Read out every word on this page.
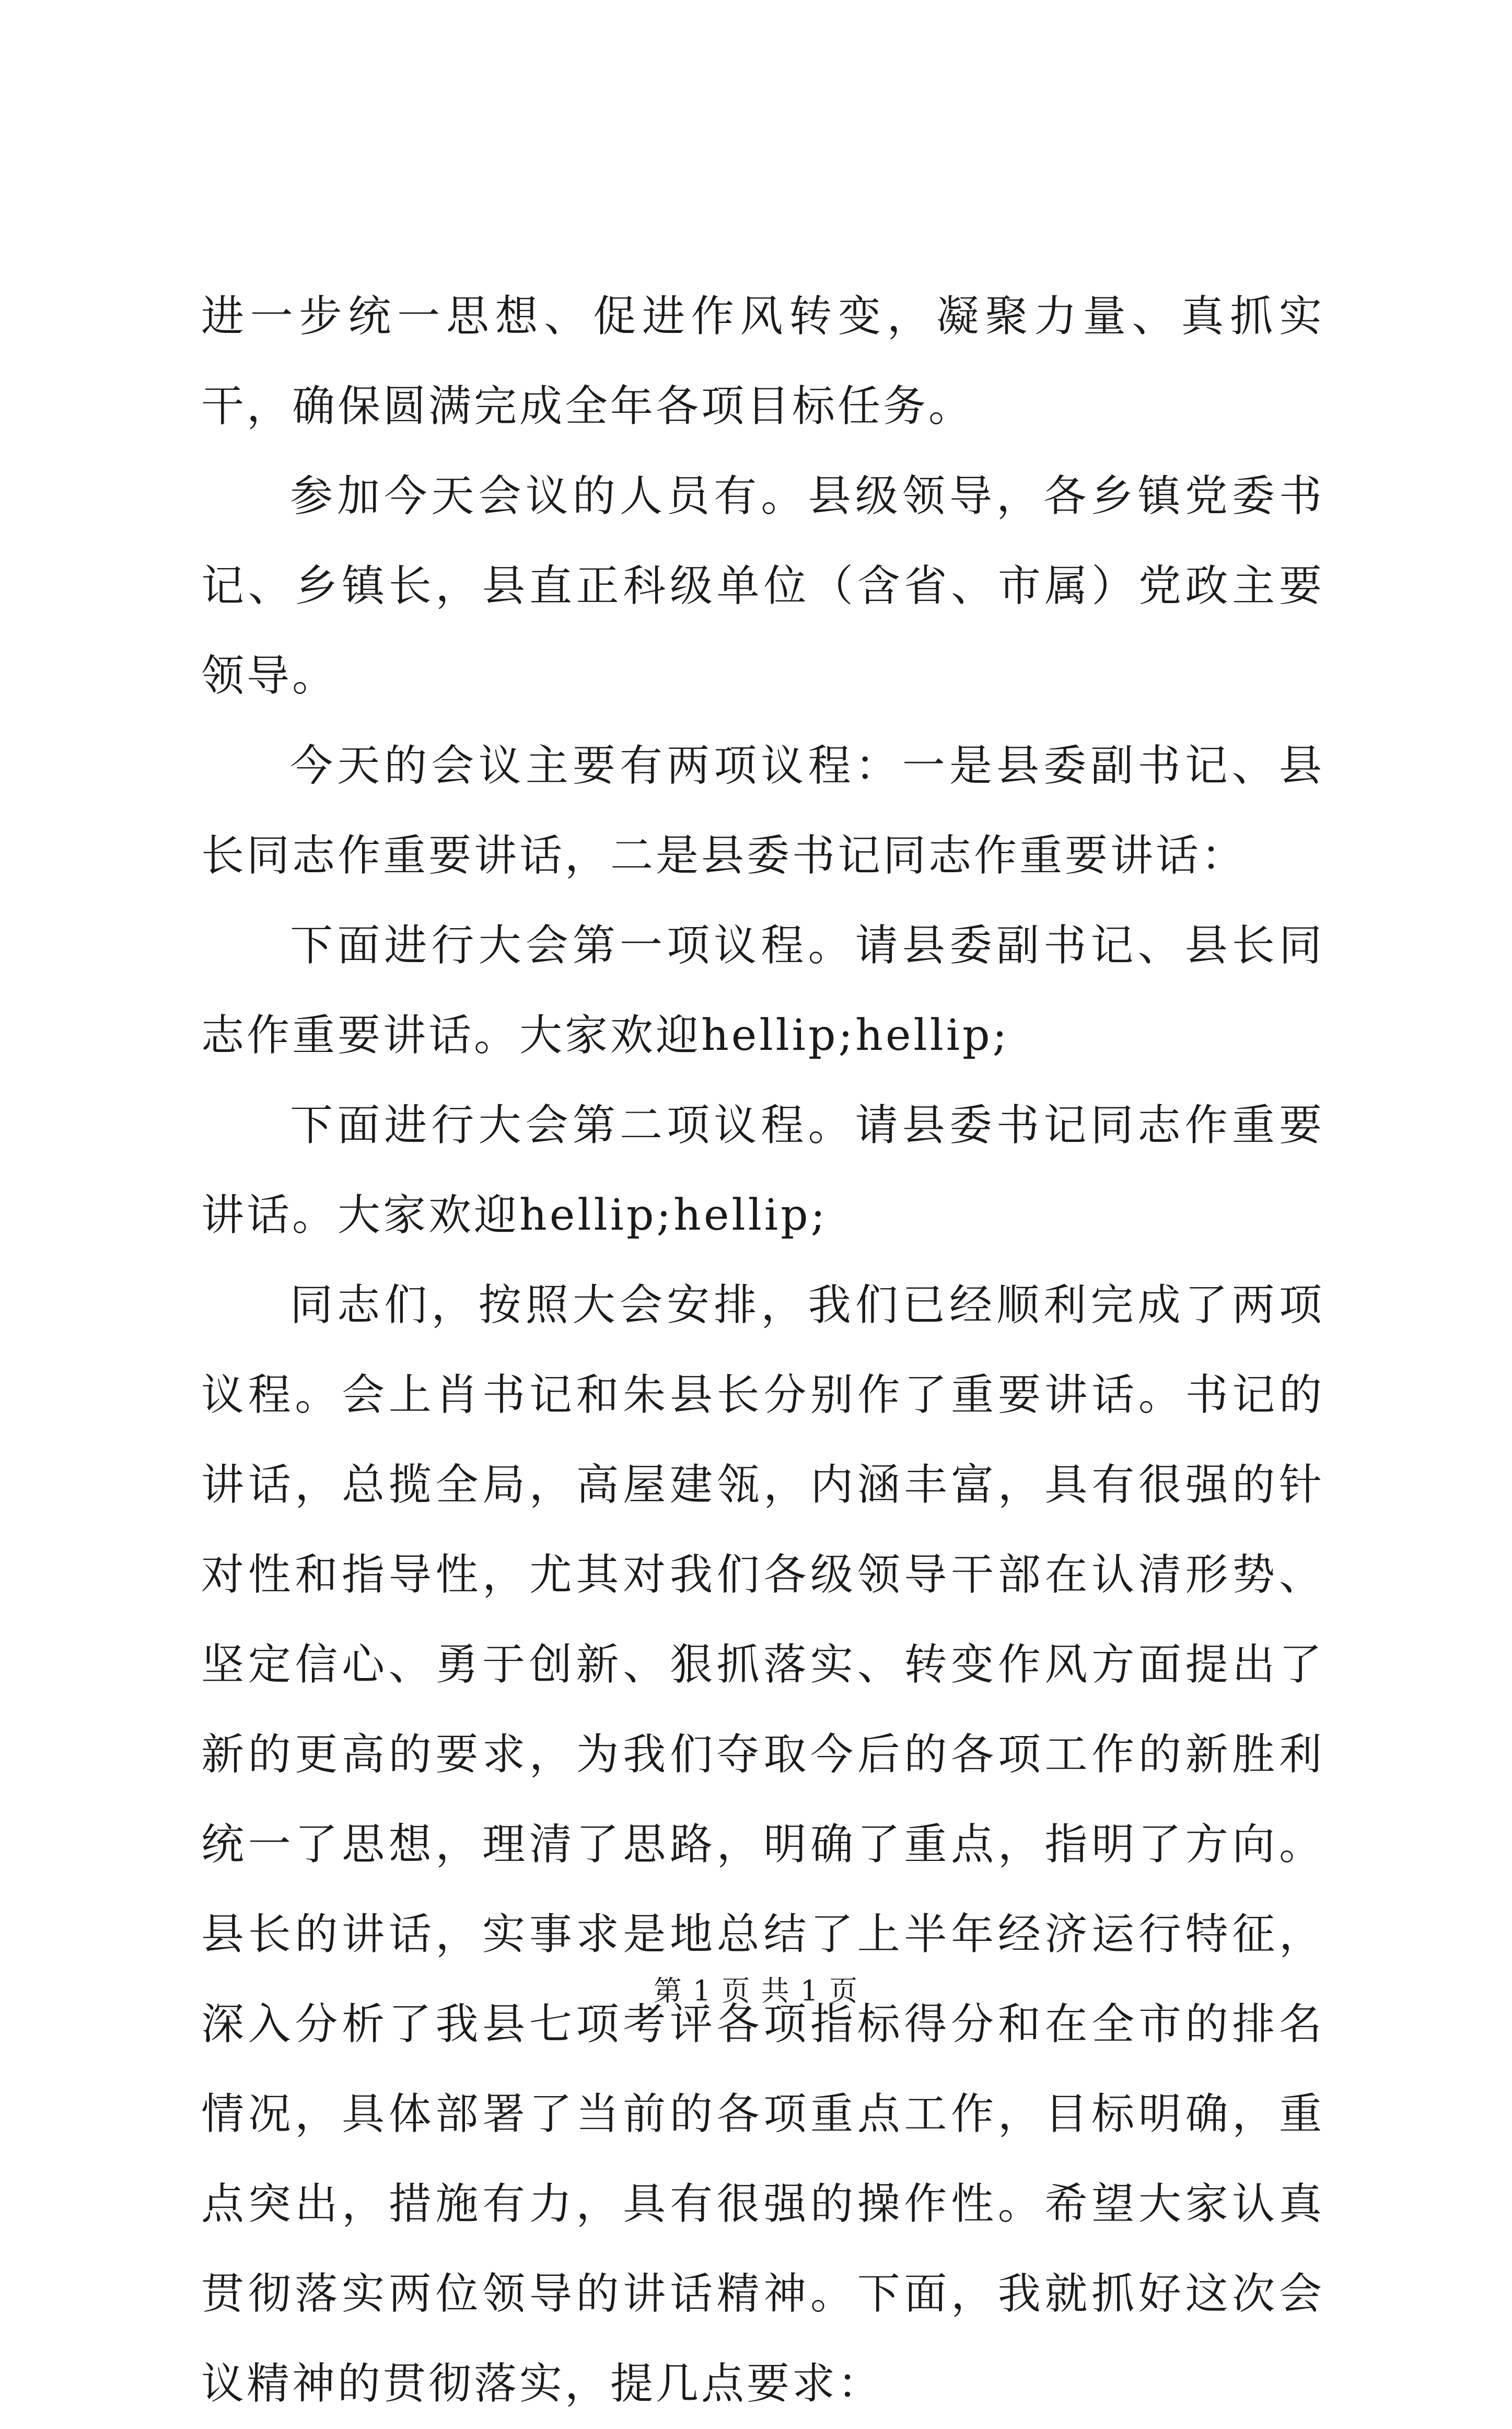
进一步统一思想、促进作风转变，凝聚力量、真抓实干，确保圆满完成全年各项目标任务。

参加今天会议的人员有。县级领导，各乡镇党委书记、乡镇长，县直正科级单位（含省、市属）党政主要领导。

今天的会议主要有两项议程：一是县委副书记、县长同志作重要讲话，二是县委书记同志作重要讲话：

下面进行大会第一项议程。请县委副书记、县长同志作重要讲话。大家欢迎hellip;hellip;

下面进行大会第二项议程。请县委书记同志作重要讲话。大家欢迎hellip;hellip;

同志们，按照大会安排，我们已经顺利完成了两项议程。会上肖书记和朱县长分别作了重要讲话。书记的讲话，总揽全局，高屋建瓴，内涵丰富，具有很强的针对性和指导性，尤其对我们各级领导干部在认清形势、坚定信心、勇于创新、狠抓落实、转变作风方面提出了新的更高的要求，为我们夺取今后的各项工作的新胜利统一了思想，理清了思路，明确了重点，指明了方向。县长的讲话，实事求是地总结了上半年经济运行特征，深入分析了我县七项考评各项指标得分和在全市的排名情况，具体部署了当前的各项重点工作，目标明确，重点突出，措施有力，具有很强的操作性。希望大家认真贯彻落实两位领导的讲话精神。下面，我就抓好这次会议精神的贯彻落实，提几点要求：

第 1 页 共 1 页
